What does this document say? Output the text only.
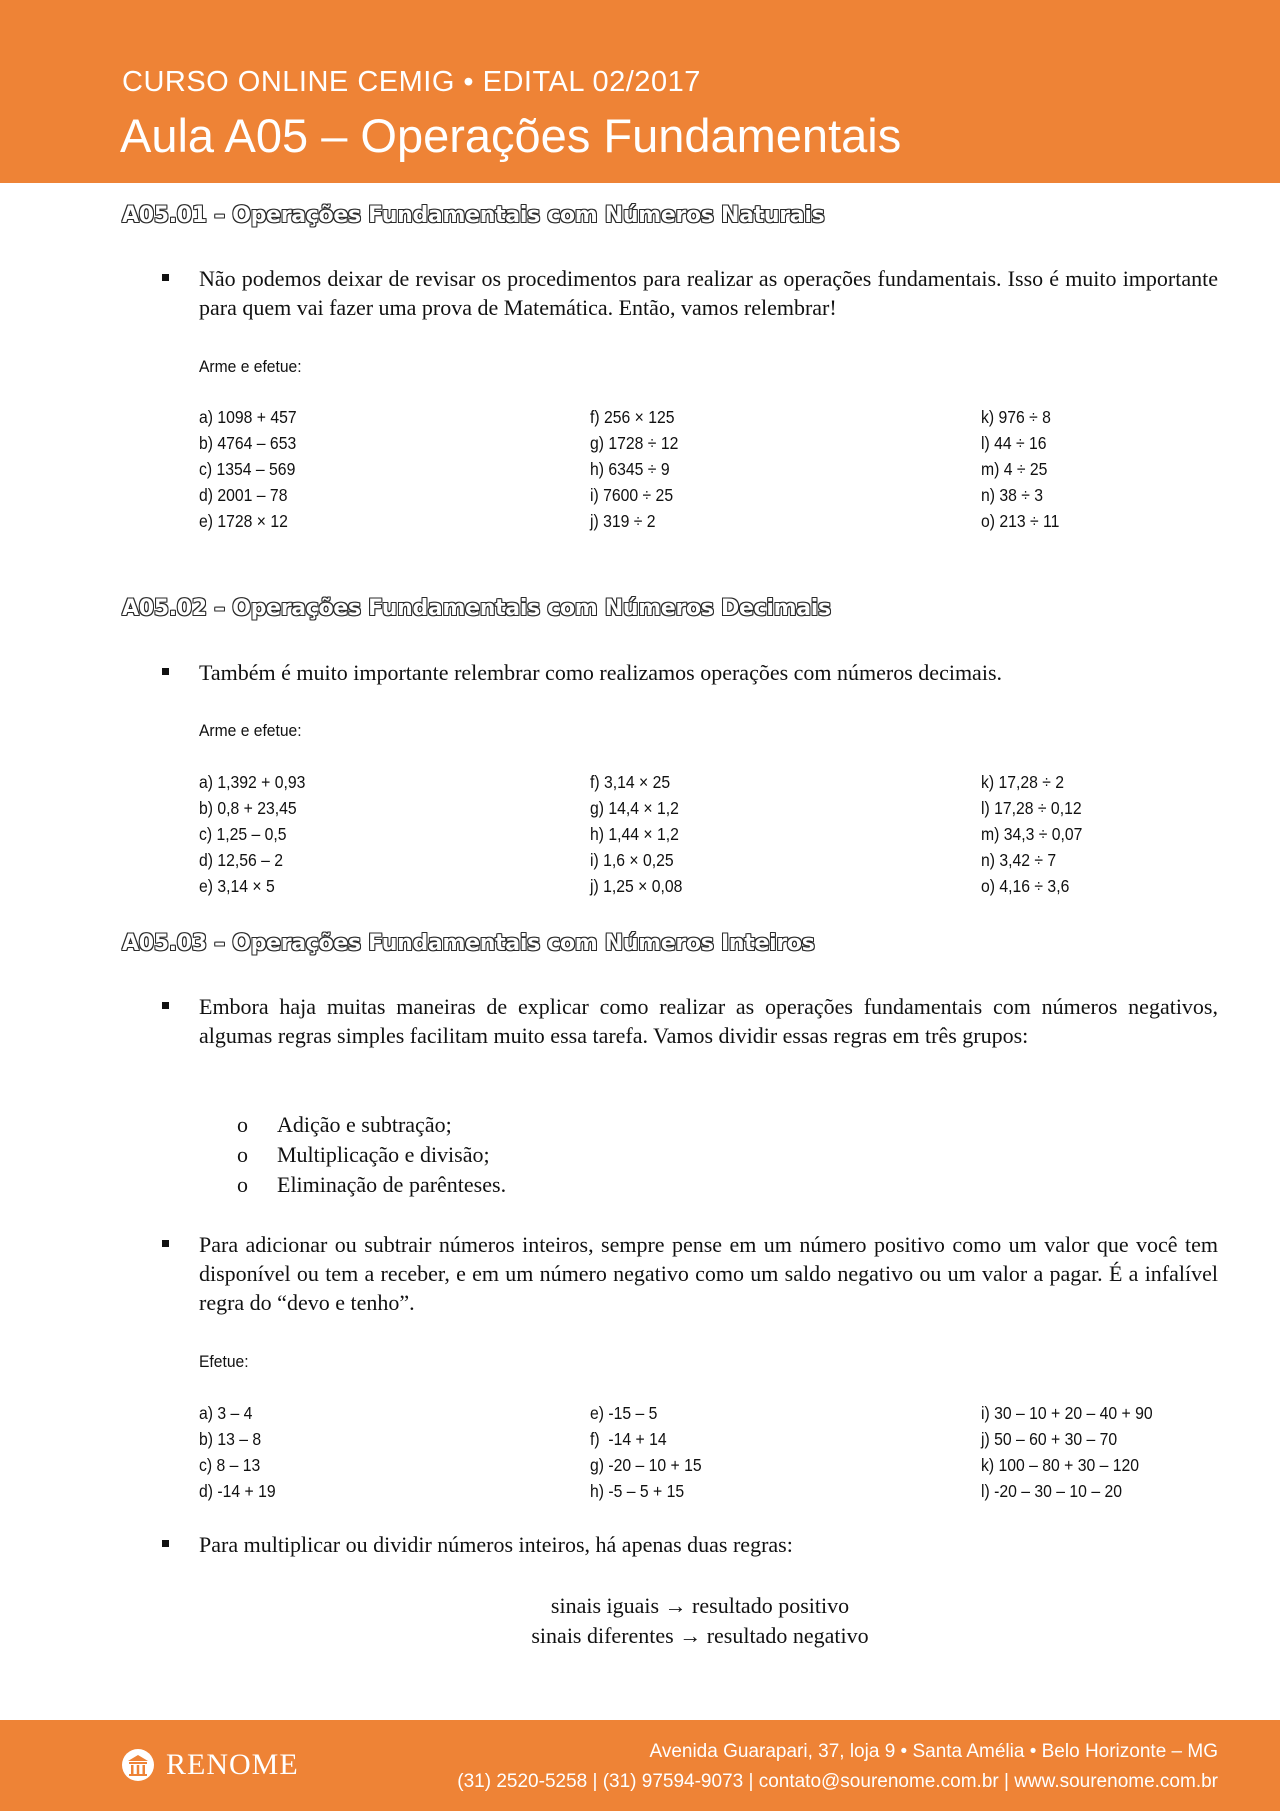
CURSO ONLINE CEMIG • EDITAL 02/2017
Aula A05 – Operações Fundamentais
A05.01 – Operações Fundamentais com Números Naturais
Não podemos deixar de revisar os procedimentos para realizar as operações fundamentais. Isso é muito importante para quem vai fazer uma prova de Matemática. Então, vamos relembrar!
Arme e efetue:
a) 1098 + 457
b) 4764 – 653
c) 1354 – 569
d) 2001 – 78
e) 1728 × 12
f) 256 × 125
g) 1728 ÷ 12
h) 6345 ÷ 9
i) 7600 ÷ 25
j) 319 ÷ 2
k) 976 ÷ 8
l) 44 ÷ 16
m) 4 ÷ 25
n) 38 ÷ 3
o) 213 ÷ 11
A05.02 – Operações Fundamentais com Números Decimais
Também é muito importante relembrar como realizamos operações com números decimais.
Arme e efetue:
a) 1,392 + 0,93
b) 0,8 + 23,45
c) 1,25 – 0,5
d) 12,56 – 2
e) 3,14 × 5
f) 3,14 × 25
g) 14,4 × 1,2
h) 1,44 × 1,2
i) 1,6 × 0,25
j) 1,25 × 0,08
k) 17,28 ÷ 2
l) 17,28 ÷ 0,12
m) 34,3 ÷ 0,07
n) 3,42 ÷ 7
o) 4,16 ÷ 3,6
A05.03 – Operações Fundamentais com Números Inteiros
Embora haja muitas maneiras de explicar como realizar as operações fundamentais com números negativos, algumas regras simples facilitam muito essa tarefa. Vamos dividir essas regras em três grupos:
o Adição e subtração;
o Multiplicação e divisão;
o Eliminação de parênteses.
Para adicionar ou subtrair números inteiros, sempre pense em um número positivo como um valor que você tem disponível ou tem a receber, e em um número negativo como um saldo negativo ou um valor a pagar. É a infalível regra do “devo e tenho”.
Efetue:
a) 3 – 4
b) 13 – 8
c) 8 – 13
d) -14 + 19
e) -15 – 5
f)  -14 + 14
g) -20 – 10 + 15
h) -5 – 5 + 15
i) 30 – 10 + 20 – 40 + 90
j) 50 – 60 + 30 – 70
k) 100 – 80 + 30 – 120
l) -20 – 30 – 10 – 20
Para multiplicar ou dividir números inteiros, há apenas duas regras:
sinais iguais → resultado positivo
sinais diferentes → resultado negativo
RENOME	Avenida Guarapari, 37, loja 9 • Santa Amélia • Belo Horizonte – MG
(31) 2520-5258 | (31) 97594-9073 | contato@sourenome.com.br | www.sourenome.com.br
